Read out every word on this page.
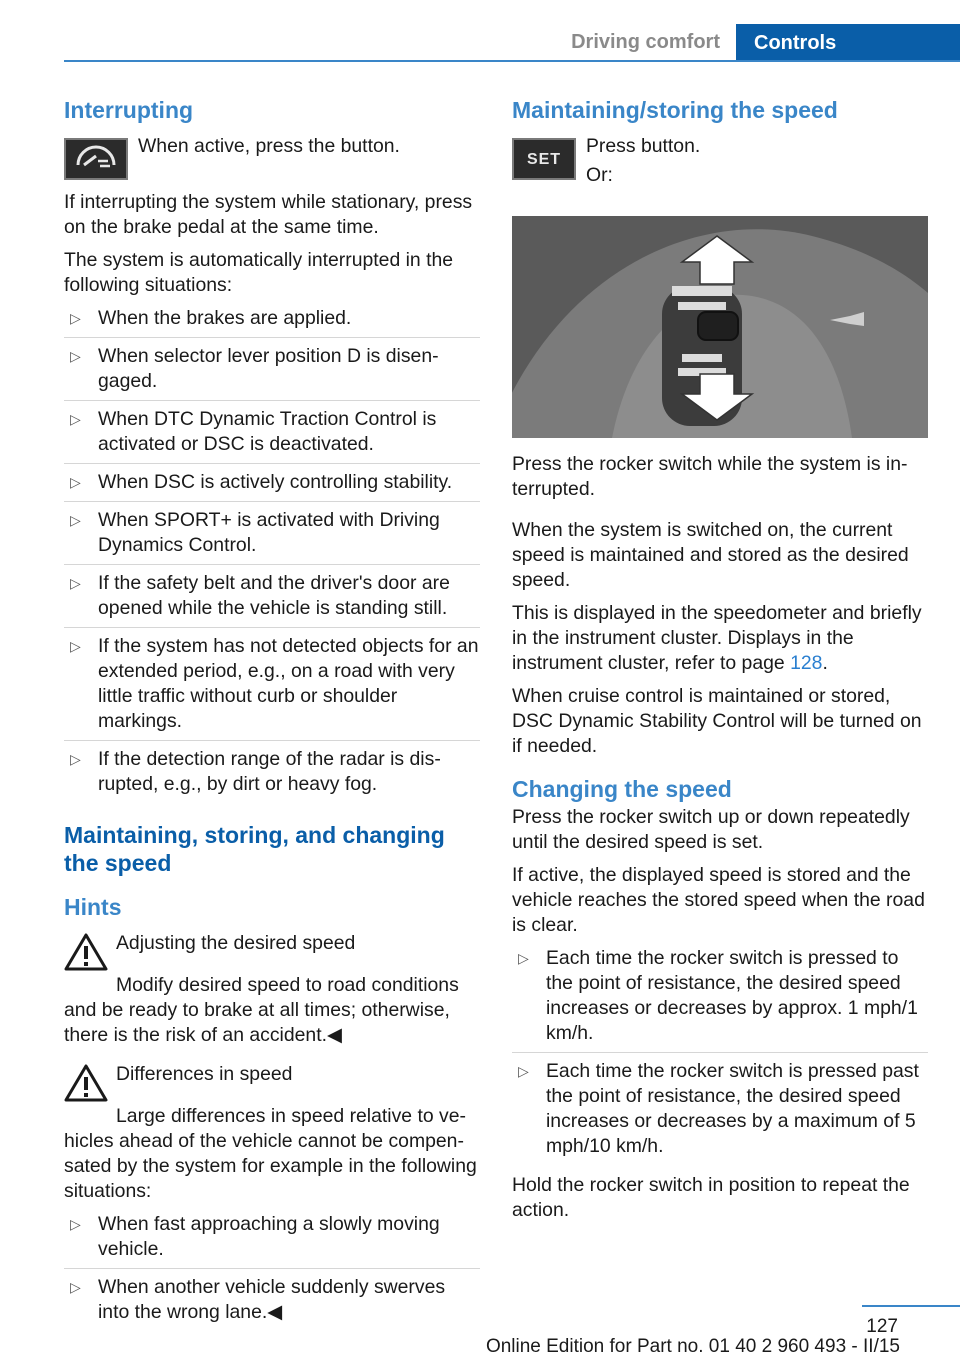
Driving comfort	Controls
Interrupting

When active, press the button.

If interrupting the system while stationary, press on the brake pedal at the same time.

The system is automatically interrupted in the following situations:

▷ When the brakes are applied.
▷ When selector lever position D is disengaged.
▷ When DTC Dynamic Traction Control is activated or DSC is deactivated.
▷ When DSC is actively controlling stability.
▷ When SPORT+ is activated with Driving Dynamics Control.
▷ If the safety belt and the driver's door are opened while the vehicle is standing still.
▷ If the system has not detected objects for an extended period, e.g., on a road with very little traffic without curb or shoulder markings.
▷ If the detection range of the radar is disrupted, e.g., by dirt or heavy fog.
Maintaining, storing, and changing the speed
Hints

Adjusting the desired speed

Modify desired speed to road conditions and be ready to brake at all times; otherwise, there is the risk of an accident.◀

Differences in speed

Large differences in speed relative to vehicles ahead of the vehicle cannot be compensated by the system for example in the following situations:

▷ When fast approaching a slowly moving vehicle.
▷ When another vehicle suddenly swerves into the wrong lane.◀
Maintaining/storing the speed
SET

Press button.

Or:

Press the rocker switch while the system is interrupted.

When the system is switched on, the current speed is maintained and stored as the desired speed.

This is displayed in the speedometer and briefly in the instrument cluster. Displays in the instrument cluster, refer to page 128.

When cruise control is maintained or stored, DSC Dynamic Stability Control will be turned on if needed.

Changing the speed

Press the rocker switch up or down repeatedly until the desired speed is set.

If active, the displayed speed is stored and the vehicle reaches the stored speed when the road is clear.

▷ Each time the rocker switch is pressed to the point of resistance, the desired speed increases or decreases by approx. 1 mph/1 km/h.
▷ Each time the rocker switch is pressed past the point of resistance, the desired speed increases or decreases by a maximum of 5 mph/10 km/h.

Hold the rocker switch in position to repeat the action.

127
Online Edition for Part no. 01 40 2 960 493 - II/15
